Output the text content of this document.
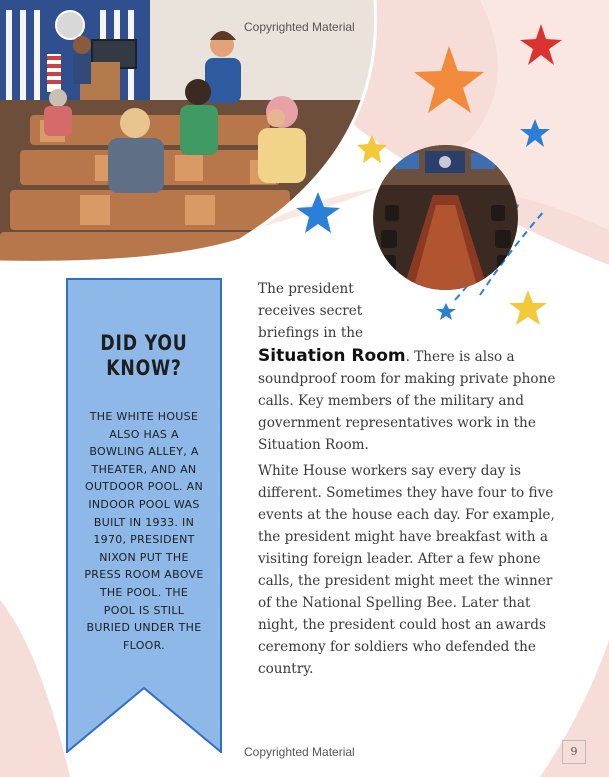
Copyrighted Material
DID YOU KNOW?
THE WHITE HOUSE ALSO HAS A BOWLING ALLEY, A THEATER, AND AN OUTDOOR POOL. AN INDOOR POOL WAS BUILT IN 1933. IN 1970, PRESIDENT NIXON PUT THE PRESS ROOM ABOVE THE POOL. THE POOL IS STILL BURIED UNDER THE FLOOR.
The president receives secret briefings in the
Situation Room. There is also a soundproof room for making private phone calls. Key members of the military and government representatives work in the Situation Room.
White House workers say every day is different. Sometimes they have four to five events at the house each day. For example, the president might have breakfast with a visiting foreign leader. After a few phone calls, the president might meet the winner of the National Spelling Bee. Later that night, the president could host an awards ceremony for soldiers who defended the country.
Copyrighted Material	9
